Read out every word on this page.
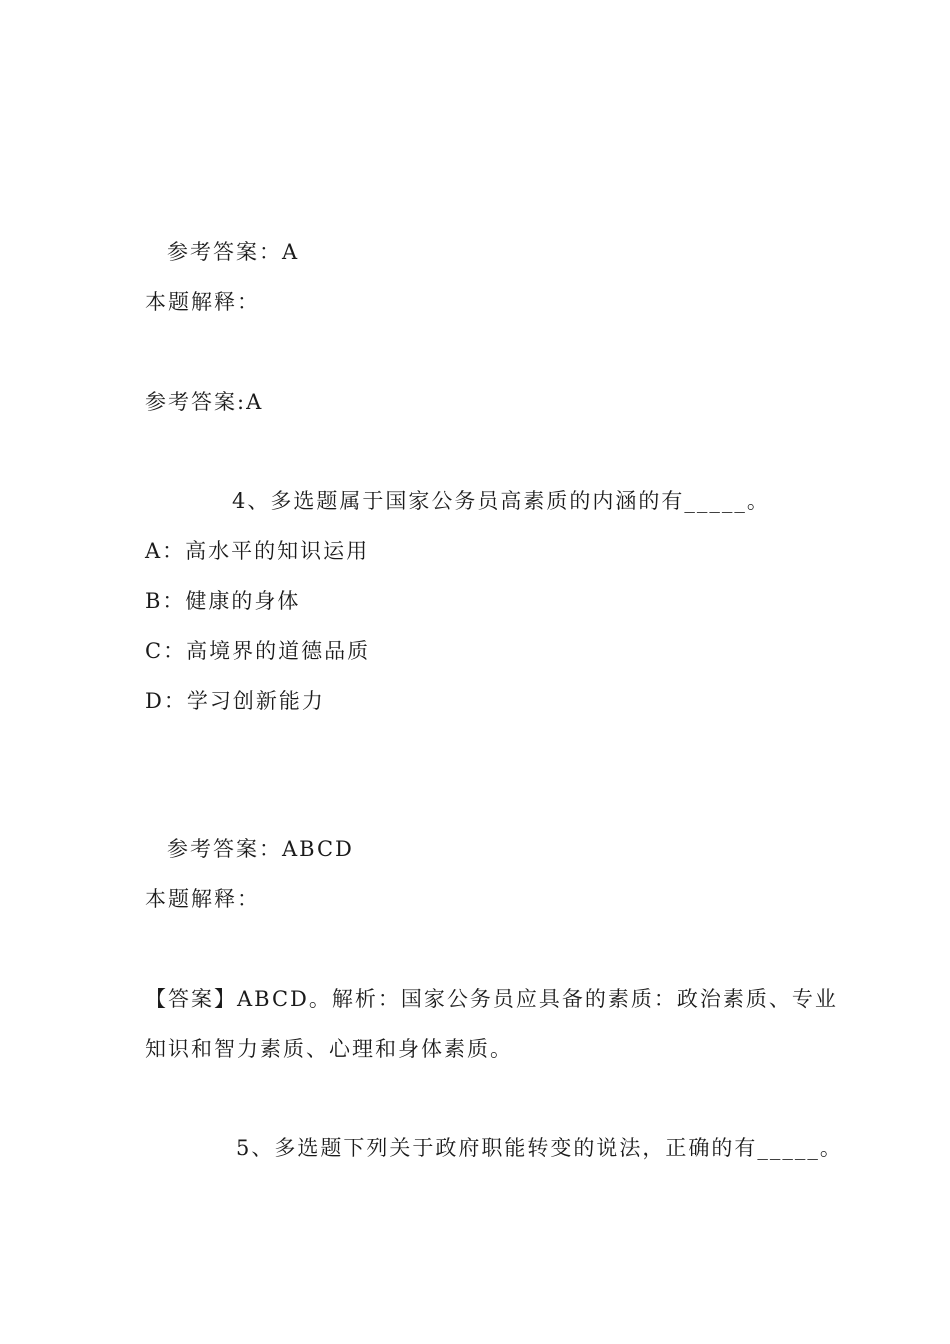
参考答案：A
本题解释：
参考答案:A
4、多选题属于国家公务员高素质的内涵的有_____。
A：高水平的知识运用
B：健康的身体
C：高境界的道德品质
D：学习创新能力
参考答案：ABCD
本题解释：
【答案】ABCD。解析：国家公务员应具备的素质：政治素质、专业
知识和智力素质、心理和身体素质。
5、多选题下列关于政府职能转变的说法，正确的有_____。
